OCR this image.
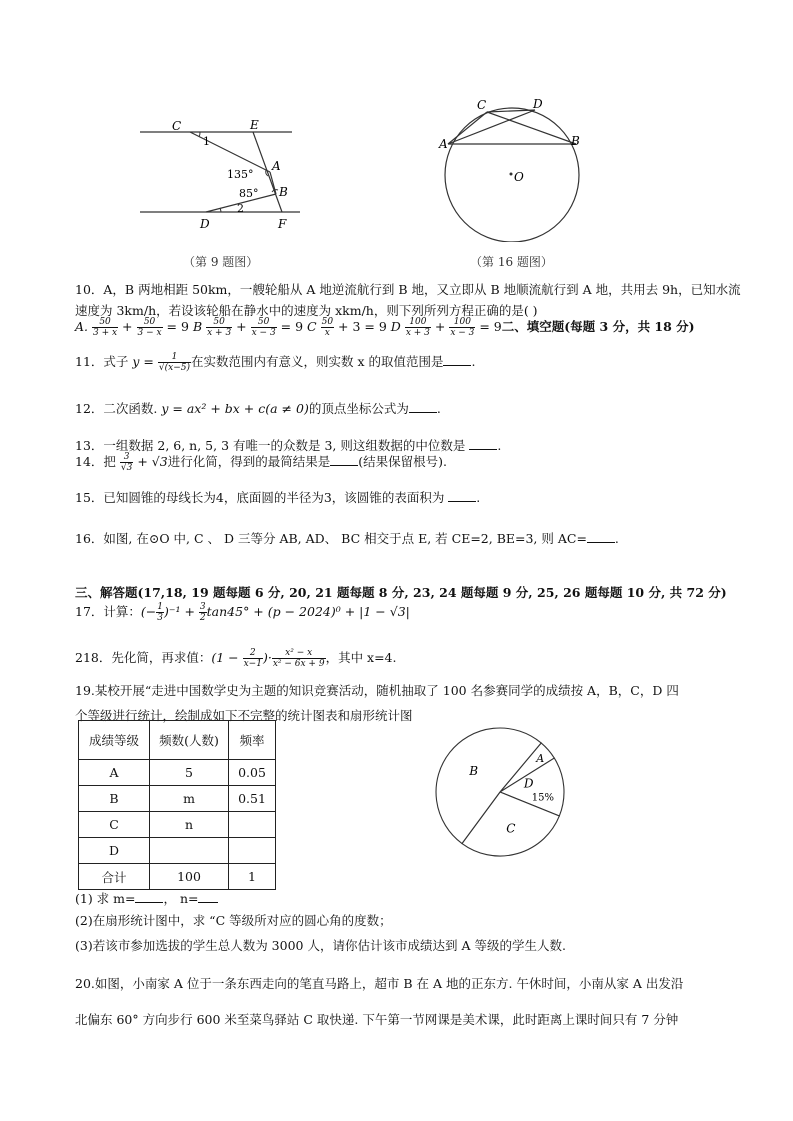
C	E
A
B
D	F
1
2
135°
85°
（第 9 题图）
A	B
C	D
O
（第 16 题图）
10．A，B 两地相距 50km，一艘轮船从 A 地逆流航行到 B 地，又立即从 B 地顺流航行到 A 地，共用去 9h，已知水流
速度为 3km/h，若设该轮船在静水中的速度为 xkm/h，则下列所列方程正确的是( )
A. $\frac{50}{3 + x} + \frac{50}{3 - x} = 9$ B $\frac{50}{x + 3} + \frac{50}{x - 3} = 9$ C $\frac{50}{x} + 3 = 9$ D $\frac{100}{x + 3} + \frac{100}{x - 3} = 9$二、填空题(每题 3 分，共 18 分)
11．式子 $y = \frac{1}{√(x-5)}$ 在实数范围内有意义，则实数 x 的取值范围是 .
12．二次函数. y = ax² + bx + c(a ≠ 0)的顶点坐标公式为 .
13．一组数据 2, 6, n, 5, 3 有唯一的众数是 3, 则这组数据的中位数是 .
14．把 $\frac{3}{√3} + √3$进行化简，得到的最简结果是 (结果保留根号).
15．已知圆锥的母线长为4，底面圆的半径为3，该圆锥的表面积为 .
16．如图, 在⊙O 中, C 、 D 三等分 AB, AD、 BC 相交于点 E, 若 CE=2, BE=3, 则 AC= .
三、解答题(17,18, 19 题每题 6 分, 20, 21 题每题 8 分, 23, 24 题每题 9 分, 25, 26 题每题 10 分, 共 72 分)
17．计算：(− $\frac{1}{3} )^{-1} + \frac{3}{2} \tan 45^\circ + (p - 2024)^0 + |1 - √3|$
218．先化简，再求值：($1 - \frac{2}{x-1}$ )· $\frac{\text{x² − x}}{\text{x² − 6x + 9}}$ ，其中 x=4.
19.某校开展“走进中国数学史为主题的知识竞赛活动，随机抽取了 100 名参赛同学的成绩按 A，B，C，D 四
个等级进行统计，绘制成如下不完整的统计图表和扇形统计图
成绩等级	频数(人数)	频率
A	5	0.05
B	m	0.51
C	n	
D		
合计	100	1
B
A
C
D
15%
(1) 求 m= ， n=
(2)在扇形统计图中，求 “C 等级所对应的圆心角的度数；
(3)若该市参加选拔的学生总人数为 3000 人，请你估计该市成绩达到 A 等级的学生人数.
20.如图，小南家 A 位于一条东西走向的笔直马路上，超市 B 在 A 地的正东方. 午休时间，小南从家 A 出发沿
北偏东 60° 方向步行 600 米至菜鸟驿站 C 取快递. 下午第一节网课是美术课，此时距离上课时间只有 7 分钟
